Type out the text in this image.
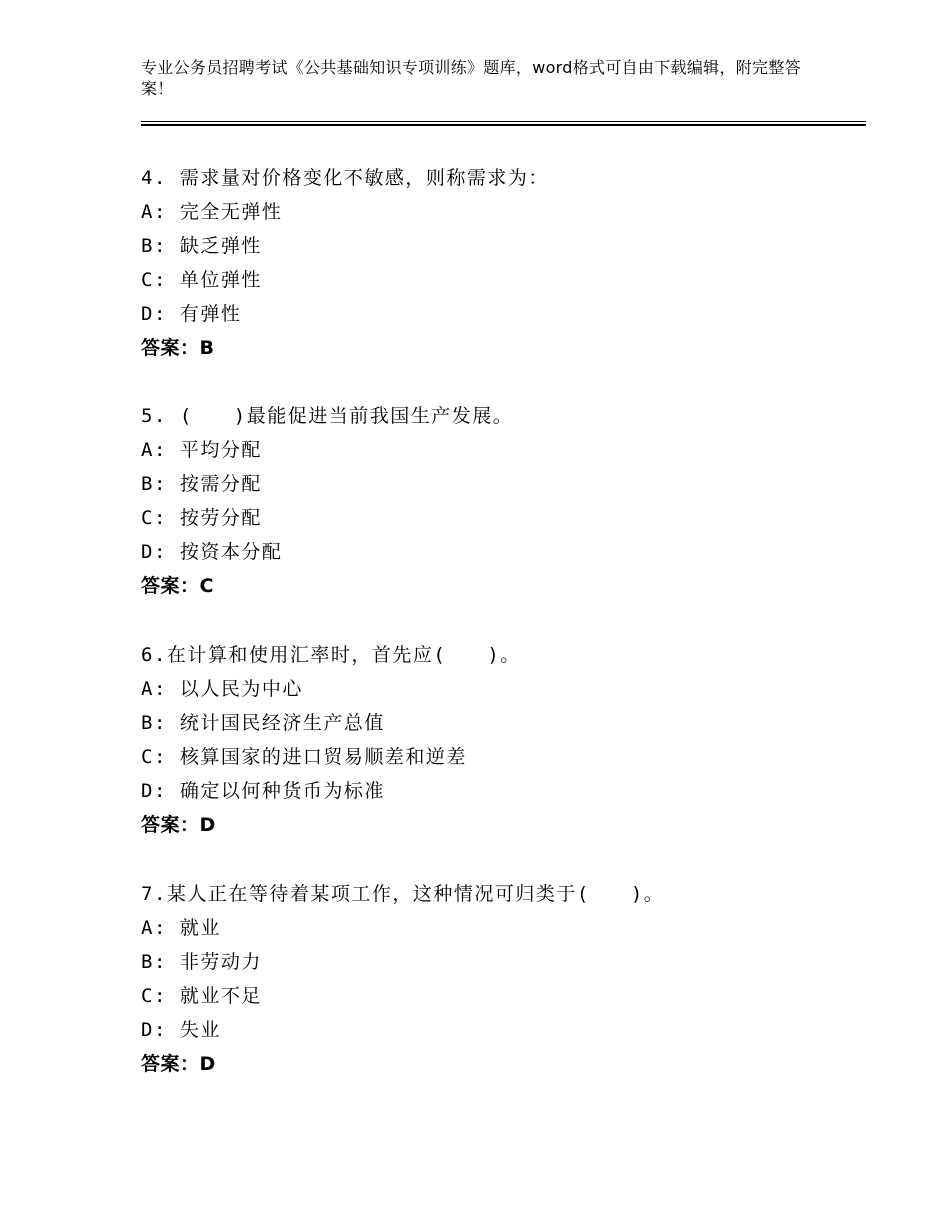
专业公务员招聘考试《公共基础知识专项训练》题库，word格式可自由下载编辑，附完整答案！
4. 需求量对价格变化不敏感，则称需求为：
A: 完全无弹性
B: 缺乏弹性
C: 单位弹性
D: 有弹性
答案：B
5. (　　)最能促进当前我国生产发展。
A: 平均分配
B: 按需分配
C: 按劳分配
D: 按资本分配
答案：C
6.在计算和使用汇率时，首先应(　　)。
A: 以人民为中心
B: 统计国民经济生产总值
C: 核算国家的进口贸易顺差和逆差
D: 确定以何种货币为标准
答案：D
7.某人正在等待着某项工作，这种情况可归类于(　　)。
A: 就业
B: 非劳动力
C: 就业不足
D: 失业
答案：D
